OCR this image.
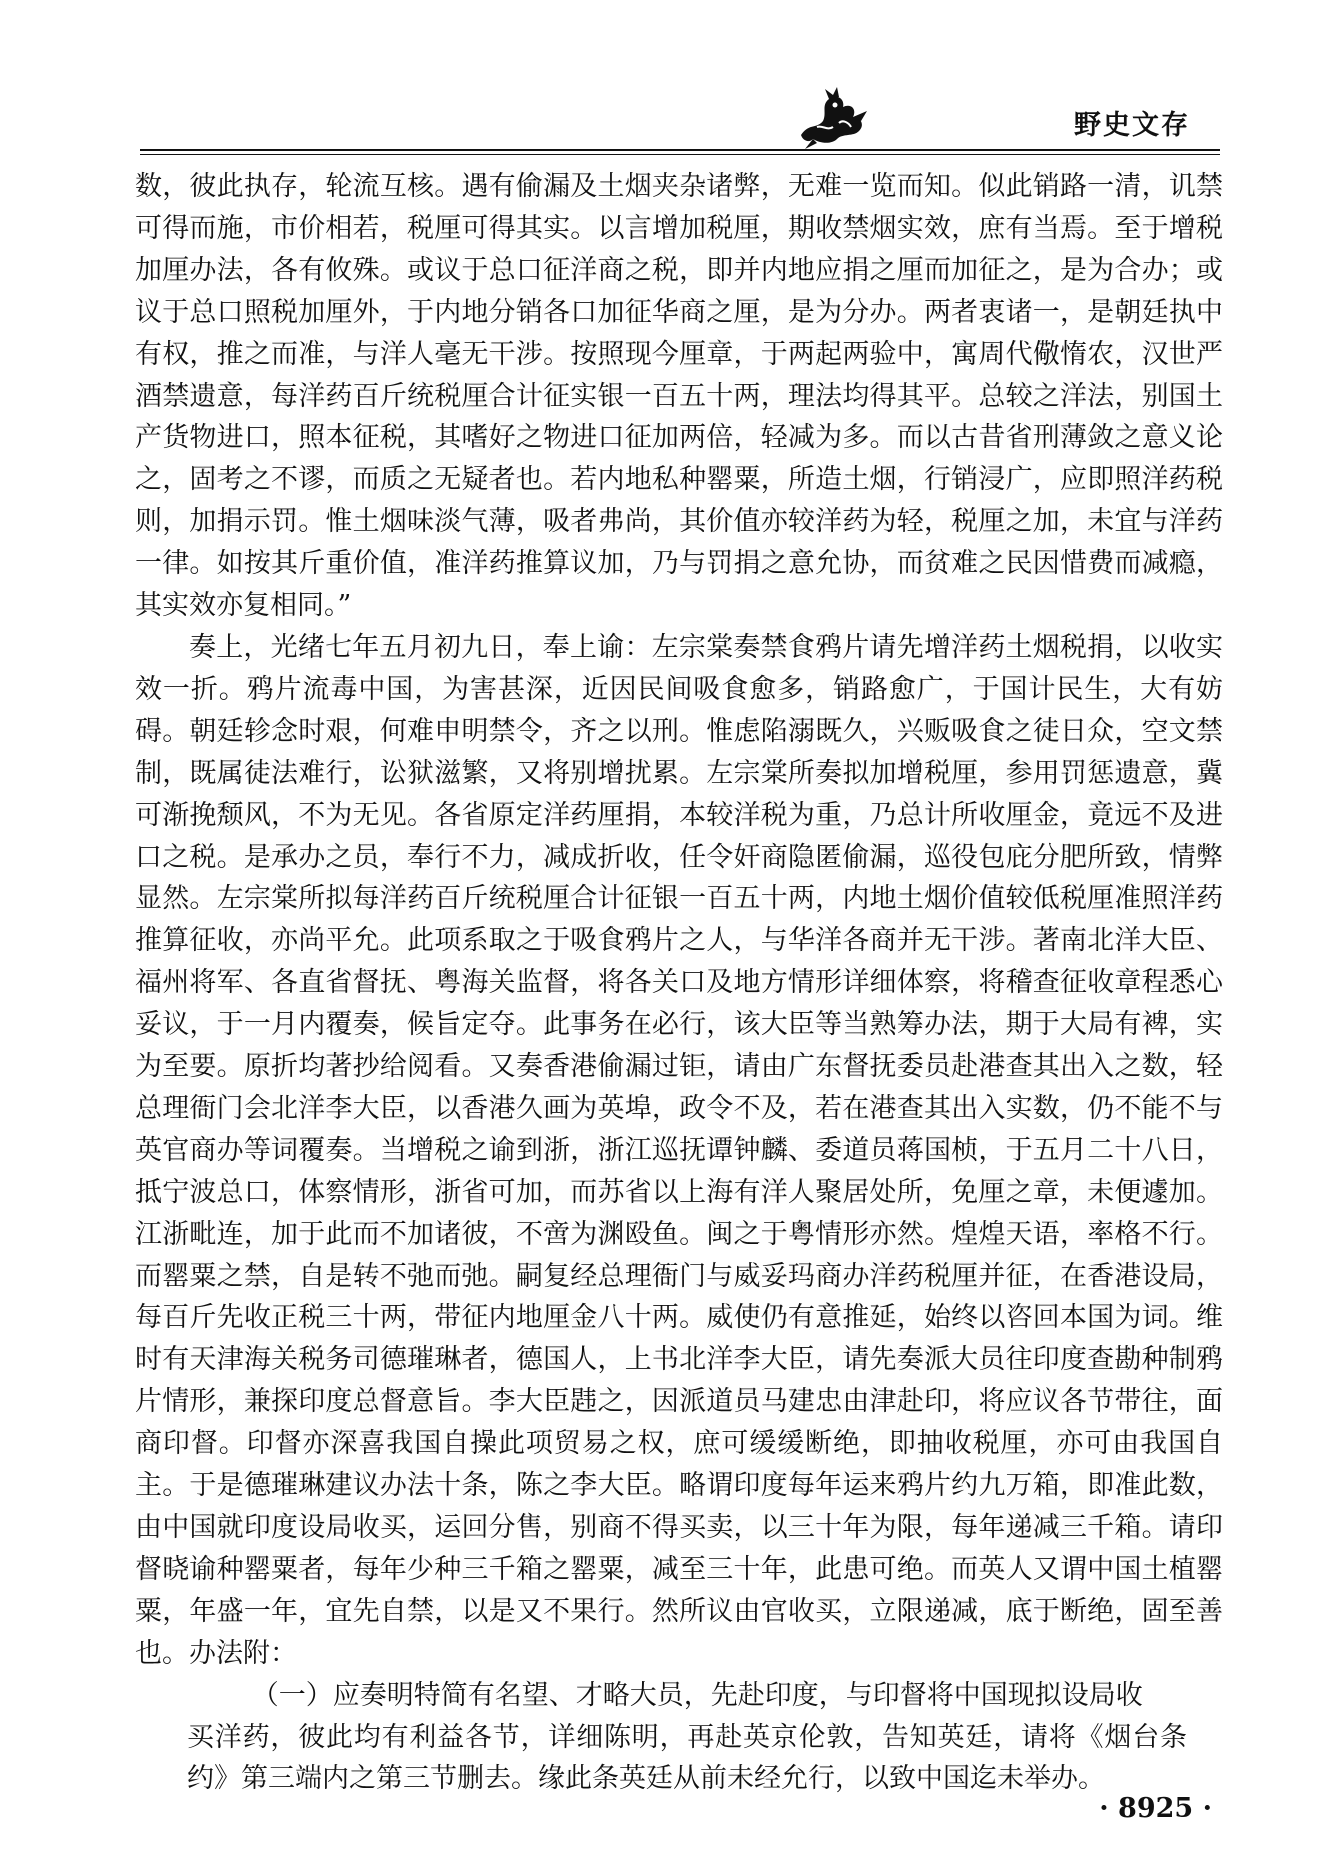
野史文存

数，彼此执存，轮流互核。遇有偷漏及土烟夹杂诸弊，无难一览而知。似此销路一清，讥禁可得而施，市价相若，税厘可得其实。以言增加税厘，期收禁烟实效，庶有当焉。至于增税加厘办法，各有攸殊。或议于总口征洋商之税，即并内地应捐之厘而加征之，是为合办；或议于总口照税加厘外，于内地分销各口加征华商之厘，是为分办。两者衷诸一，是朝廷执中有权，推之而准，与洋人毫无干涉。按照现今厘章，于两起两验中，寓周代儆惰农，汉世严酒禁遗意，每洋药百斤统税厘合计征实银一百五十两，理法均得其平。总较之洋法，别国土产货物进口，照本征税，其嗜好之物进口征加两倍，轻减为多。而以古昔省刑薄敛之意义论之，固考之不谬，而质之无疑者也。若内地私种罂粟，所造土烟，行销浸广，应即照洋药税则，加捐示罚。惟土烟味淡气薄，吸者弗尚，其价值亦较洋药为轻，税厘之加，未宜与洋药一律。如按其斤重价值，准洋药推算议加，乃与罚捐之意允协，而贫难之民因惜费而减瘾，其实效亦复相同。”

奏上，光绪七年五月初九日，奉上谕：左宗棠奏禁食鸦片请先增洋药土烟税捐，以收实效一折。鸦片流毒中国，为害甚深，近因民间吸食愈多，销路愈广，于国计民生，大有妨碍。朝廷轸念时艰，何难申明禁令，齐之以刑。惟虑陷溺既久，兴贩吸食之徒日众，空文禁制，既属徒法难行，讼狱滋繁，又将别增扰累。左宗棠所奏拟加增税厘，参用罚惩遗意，冀可渐挽颓风，不为无见。各省原定洋药厘捐，本较洋税为重，乃总计所收厘金，竟远不及进口之税。是承办之员，奉行不力，减成折收，任令奸商隐匿偷漏，巡役包庇分肥所致，情弊显然。左宗棠所拟每洋药百斤统税厘合计征银一百五十两，内地土烟价值较低税厘准照洋药推算征收，亦尚平允。此项系取之于吸食鸦片之人，与华洋各商并无干涉。著南北洋大臣、福州将军、各直省督抚、粤海关监督，将各关口及地方情形详细体察，将稽查征收章程悉心妥议，于一月内覆奏，候旨定夺。此事务在必行，该大臣等当熟筹办法，期于大局有裨，实为至要。原折均著抄给阅看。又奏香港偷漏过钜，请由广东督抚委员赴港查其出入之数，轻总理衙门会北洋李大臣，以香港久画为英埠，政令不及，若在港查其出入实数，仍不能不与英官商办等词覆奏。当增税之谕到浙，浙江巡抚谭钟麟、委道员蒋国桢，于五月二十八日，抵宁波总口，体察情形，浙省可加，而苏省以上海有洋人聚居处所，免厘之章，未便遽加。江浙毗连，加于此而不加诸彼，不啻为渊殴鱼。闽之于粤情形亦然。煌煌天语，率格不行。而罂粟之禁，自是转不弛而弛。嗣复经总理衙门与威妥玛商办洋药税厘并征，在香港设局，每百斤先收正税三十两，带征内地厘金八十两。威使仍有意推延，始终以咨回本国为词。维时有天津海关税务司德璀琳者，德国人，上书北洋李大臣，请先奏派大员往印度查勘种制鸦片情形，兼探印度总督意旨。李大臣韪之，因派道员马建忠由津赴印，将应议各节带往，面商印督。印督亦深喜我国自操此项贸易之权，庶可缓缓断绝，即抽收税厘，亦可由我国自主。于是德璀琳建议办法十条，陈之李大臣。略谓印度每年运来鸦片约九万箱，即准此数，由中国就印度设局收买，运回分售，别商不得买卖，以三十年为限，每年递减三千箱。请印督晓谕种罂粟者，每年少种三千箱之罂粟，减至三十年，此患可绝。而英人又谓中国土植罂粟，年盛一年，宜先自禁，以是又不果行。然所议由官收买，立限递减，底于断绝，固至善也。办法附：

（一）应奏明特简有名望、才略大员，先赴印度，与印督将中国现拟设局收
买洋药，彼此均有利益各节，详细陈明，再赴英京伦敦，告知英廷，请将《烟台条约》第三端内之第三节删去。缘此条英廷从前未经允行，以致中国迄未举办。
· 8925 ·
